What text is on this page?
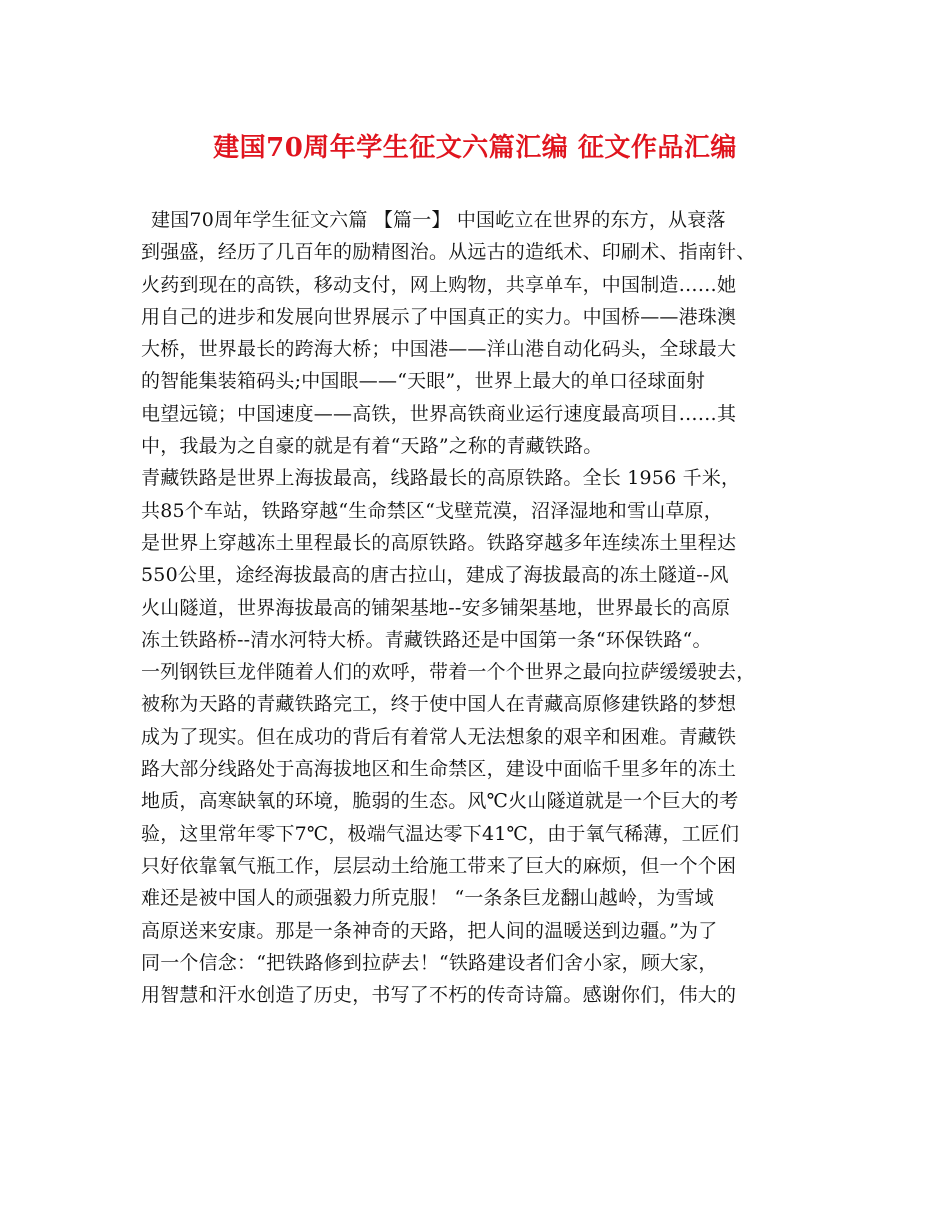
建国70周年学生征文六篇汇编 征文作品汇编
建国70周年学生征文六篇 【篇一】 中国屹立在世界的东方，从衰落
到强盛，经历了几百年的励精图治。从远古的造纸术、印刷术、指南针、
火药到现在的高铁，移动支付，网上购物，共享单车，中国制造……她
用自己的进步和发展向世界展示了中国真正的实力。中国桥——港珠澳
大桥，世界最长的跨海大桥；中国港——洋山港自动化码头，全球最大
的智能集装箱码头;中国眼——“天眼”，世界上最大的单口径球面射
电望远镜；中国速度——高铁，世界高铁商业运行速度最高项目……其
中，我最为之自豪的就是有着“天路”之称的青藏铁路。
青藏铁路是世界上海拔最高，线路最长的高原铁路。全长 1956 千米，
共85个车站，铁路穿越“生命禁区“戈壁荒漠，沼泽湿地和雪山草原，
是世界上穿越冻土里程最长的高原铁路。铁路穿越多年连续冻土里程达
550公里，途经海拔最高的唐古拉山，建成了海拔最高的冻土隧道--风
火山隧道，世界海拔最高的铺架基地--安多铺架基地，世界最长的高原
冻土铁路桥--清水河特大桥。青藏铁路还是中国第一条“环保铁路“。
一列钢铁巨龙伴随着人们的欢呼，带着一个个世界之最向拉萨缓缓驶去，
被称为天路的青藏铁路完工，终于使中国人在青藏高原修建铁路的梦想
成为了现实。但在成功的背后有着常人无法想象的艰辛和困难。青藏铁
路大部分线路处于高海拔地区和生命禁区，建设中面临千里多年的冻土
地质，高寒缺氧的环境，脆弱的生态。风℃火山隧道就是一个巨大的考
验，这里常年零下7℃，极端气温达零下41℃，由于氧气稀薄，工匠们
只好依靠氧气瓶工作，层层动土给施工带来了巨大的麻烦，但一个个困
难还是被中国人的顽强毅力所克服！ “一条条巨龙翻山越岭，为雪域
高原送来安康。那是一条神奇的天路，把人间的温暖送到边疆。”为了
同一个信念：“把铁路修到拉萨去！“铁路建设者们舍小家，顾大家，
用智慧和汗水创造了历史，书写了不朽的传奇诗篇。感谢你们，伟大的
